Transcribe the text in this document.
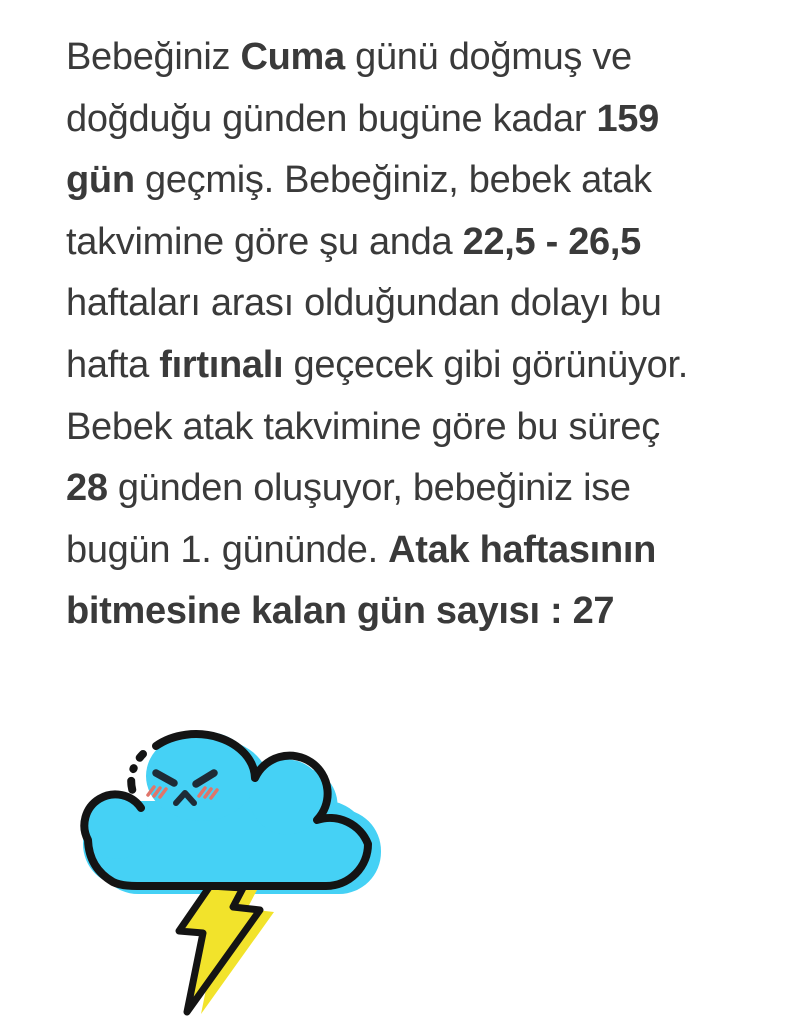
Bebeğiniz Cuma günü doğmuş ve
doğduğu günden bugüne kadar 159
gün geçmiş. Bebeğiniz, bebek atak
takvimine göre şu anda 22,5 - 26,5
haftaları arası olduğundan dolayı bu
hafta fırtınalı geçecek gibi görünüyor.
Bebek atak takvimine göre bu süreç
28 günden oluşuyor, bebeğiniz ise
bugün 1. gününde. Atak haftasının
bitmesine kalan gün sayısı : 27
